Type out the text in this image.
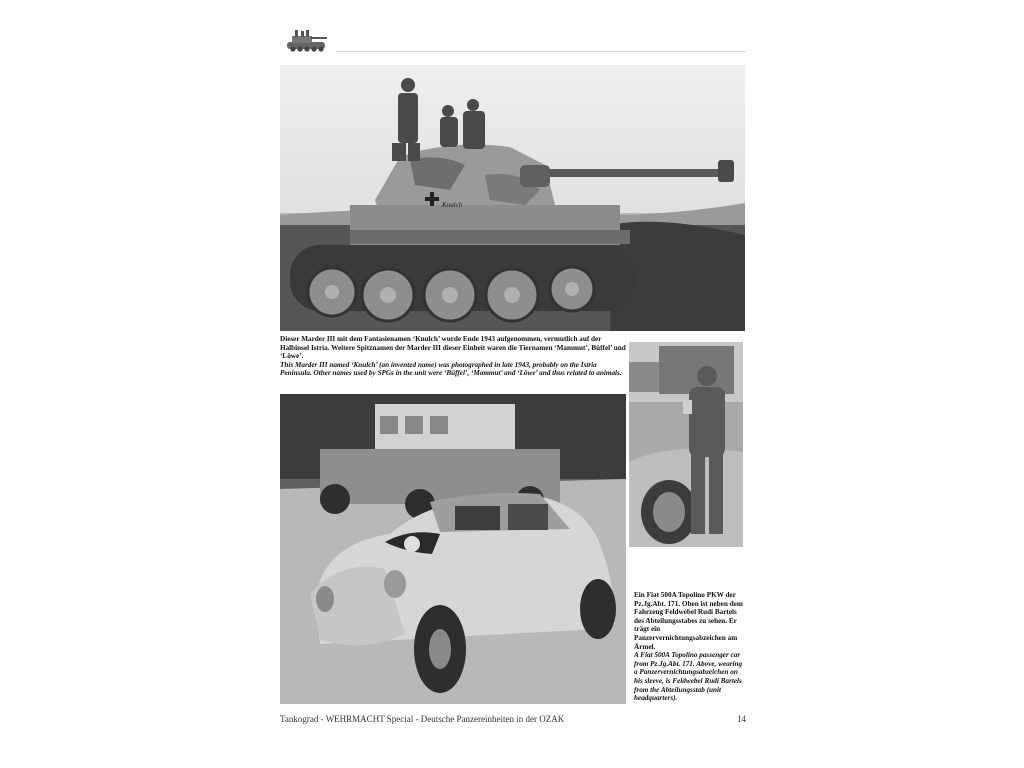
Knulch

Dieser Marder III mit dem Fantasienamen ‘Knulch’ wurde Ende 1943 aufgenommen, vermutlich auf der Halbinsel Istria. Weitere Spitznamen der Marder III dieser Einheit waren die Tiernamen ‘Mammut’, Büffel’ und ‘Löwe’.

This Marder III named ‘Knulch’ (an invented name) was photographed in late 1943, probably on the Istria Peninsula. Other names used by SPGs in the unit were ‘Büffel’, ‘Mammut’ and ‘Löwe’ and thus related to animals.

Ein Fiat 500A Topolino PKW der Pz.Jg.Abt. 171. Oben ist neben dem Fahrzeug Feldwebel Rudi Bartels des Abteilungsstabes zu sehen. Er trägt ein Panzervernichtungsabzeichen am Ärmel.

A Fiat 500A Topolino passenger car from Pz.Jg.Abt. 171. Above, wearing a Panzervernichtungsabzeichen on his sleeve, is Feldwebel Rudi Bartels from the Abteilungsstab (unit headquarters).

Tankograd - WEHRMACHT Special - Deutsche Panzereinheiten in der OZAK	14
